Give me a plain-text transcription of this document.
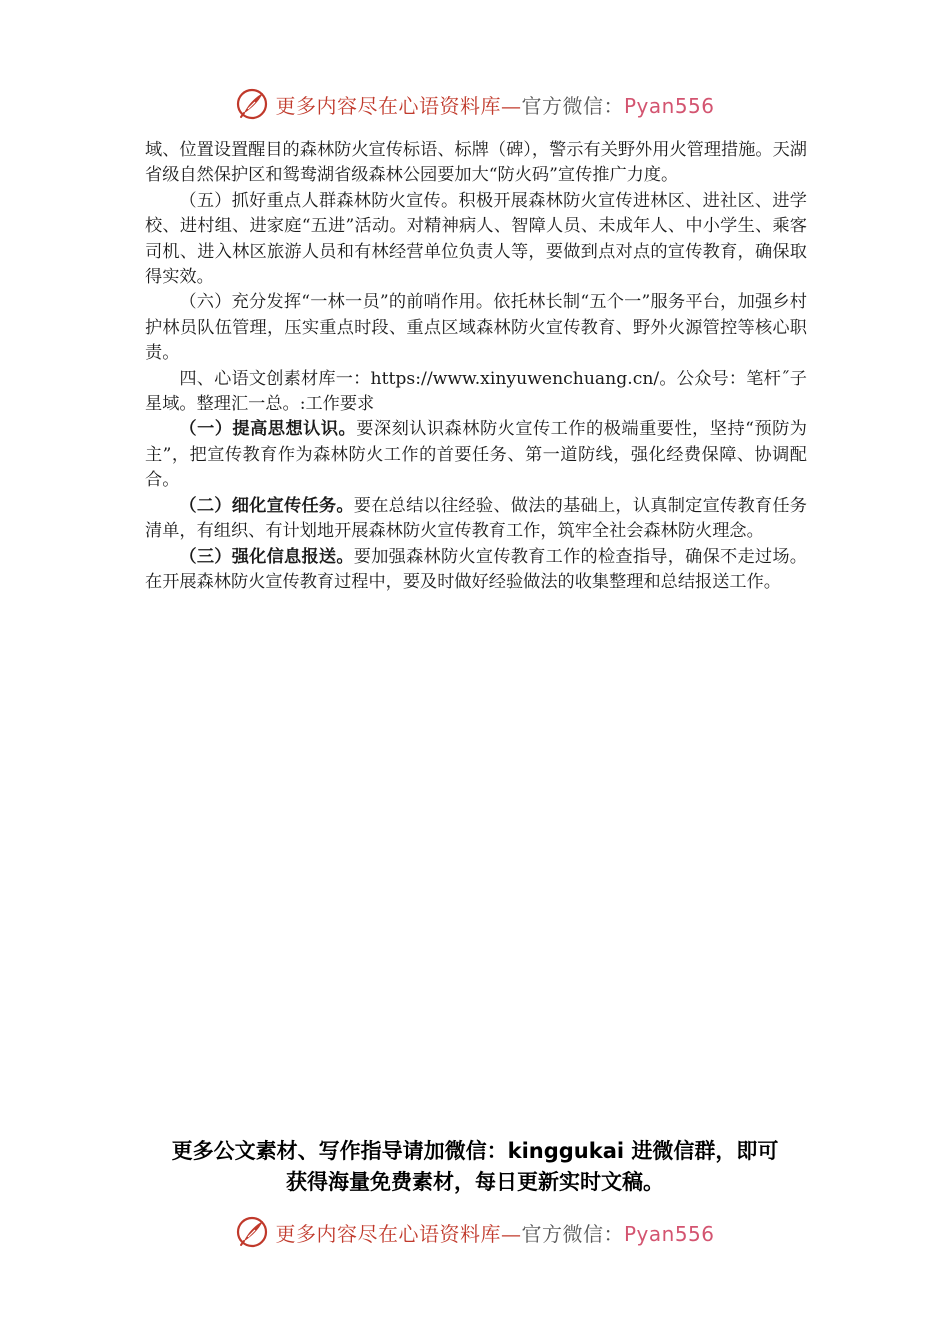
更多内容尽在心语资料库—官方微信：Pyan556

域、位置设置醒目的森林防火宣传标语、标牌（碑），警示有关野外用火管理措施。天湖省级自然保护区和鸳鸯湖省级森林公园要加大“防火码”宣传推广力度。

（五）抓好重点人群森林防火宣传。积极开展森林防火宣传进林区、进社区、进学校、进村组、进家庭“五进”活动。对精神病人、智障人员、未成年人、中小学生、乘客司机、进入林区旅游人员和有林经营单位负责人等，要做到点对点的宣传教育，确保取得实效。

（六）充分发挥“一林一员”的前哨作用。依托林长制“五个一”服务平台，加强乡村护林员队伍管理，压实重点时段、重点区域森林防火宣传教育、野外火源管控等核心职责。

四、心语文创素材库一：https://www.xinyuwenchuang.cn/。公众号：笔杆˝子星域。整理汇一总。:工作要求

（一）提高思想认识。要深刻认识森林防火宣传工作的极端重要性，坚持“预防为主”，把宣传教育作为森林防火工作的首要任务、第一道防线，强化经费保障、协调配合。

（二）细化宣传任务。要在总结以往经验、做法的基础上，认真制定宣传教育任务清单，有组织、有计划地开展森林防火宣传教育工作，筑牢全社会森林防火理念。

（三）强化信息报送。要加强森林防火宣传教育工作的检查指导，确保不走过场。在开展森林防火宣传教育过程中，要及时做好经验做法的收集整理和总结报送工作。

更多公文素材、写作指导请加微信：kinggukai 进微信群，即可
获得海量免费素材，每日更新实时文稿。
更多内容尽在心语资料库—官方微信：Pyan556
